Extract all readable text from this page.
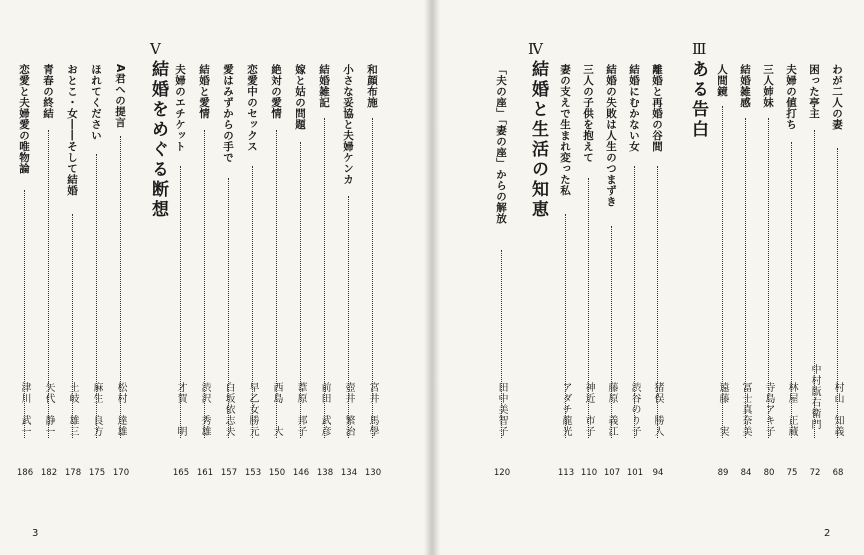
V
結婚をめぐる断想	和顔布施
宮井　馬學
130
小さな妥協と夫婦ケンカ
壺井　繁治
134
結婚雑記
前田　武彦
138
嫁と姑の問題
葦原　邦子
146
絶対の愛情
西島　　大
150
恋愛中のセックス
早乙女勝元
153
愛はみずからの手で
白坂依志夫
157
結婚と愛情
渋沢　秀雄
161
夫婦のエチケット
才賀　　明
165
A君への提言
松村　達雄
170
ほれてください
麻生　良方
175
おとこ・女――そして結婚
土岐　雄三
178
青春の終結
矢代　静一
182
恋愛と夫婦愛の唯物論
津川　武一
186
3
Ⅲ
ある告白
Ⅳ
結婚と生活の知恵	わが二人の妻
村山　知義
68
困った亭主
中村翫右衛門
72
夫婦の値打ち
林屋　正蔵
75
三人姉妹
寺島アキ子
80
結婚雑感
冨士真奈美
84
人間鏡
遠藤　　実
89
離婚と再婚の谷間
猪俣　勝人
94
結婚にむかない女
渋谷のり子
101
結婚の失敗は人生のつまずき
藤原　義江
107
三人の子供を抱えて
神近　市子
110
妻の支えで生まれ変った私
アダチ龍光
113
「夫の座」「妻の座」からの解放
田中美智子
120
2
